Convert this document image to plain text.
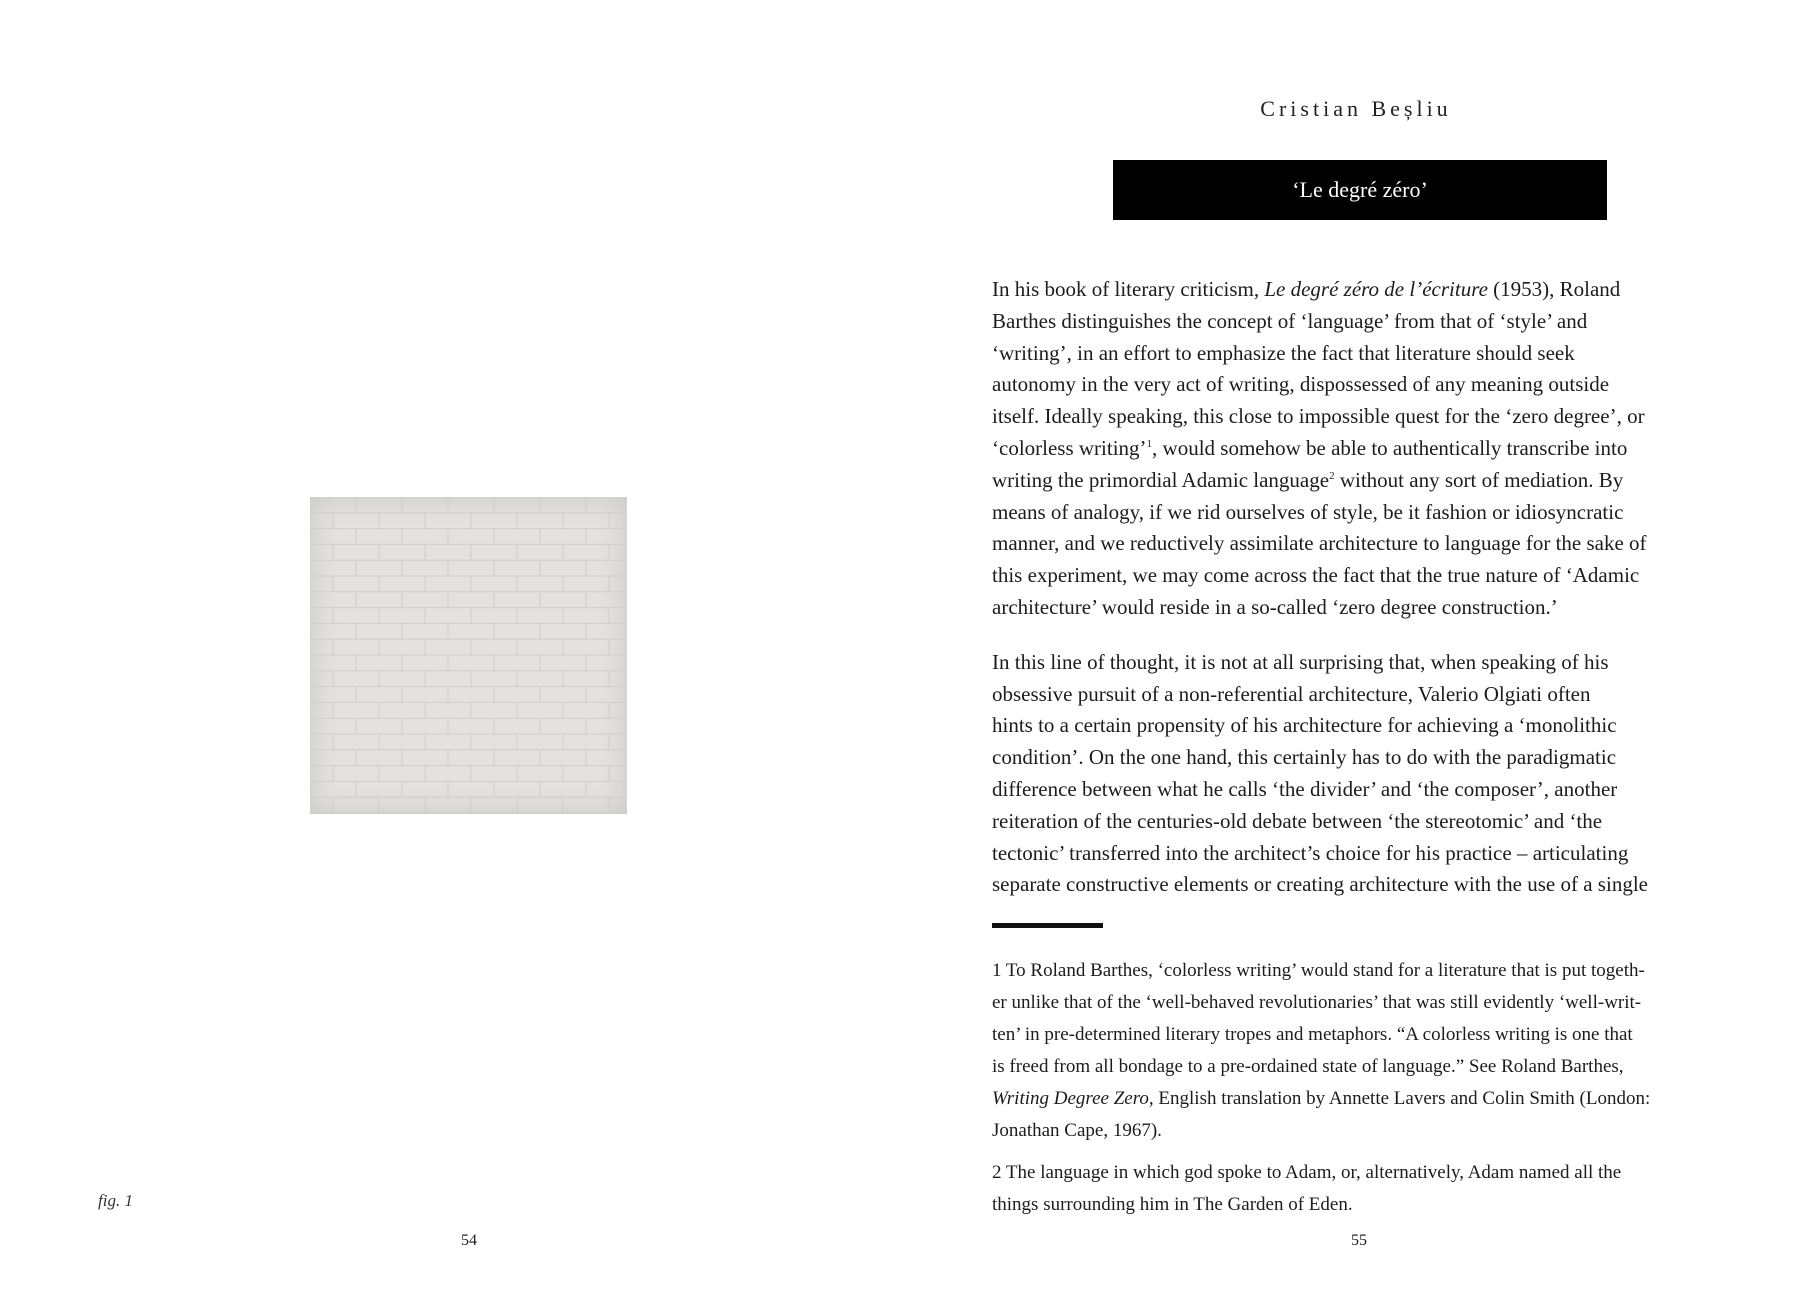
fig. 1
54
Cristian Beșliu
‘Le degré zéro’

In his book of literary criticism, Le degré zéro de l’écriture (1953), Roland
Barthes distinguishes the concept of ‘language’ from that of ‘style’ and
‘writing’, in an effort to emphasize the fact that literature should seek
autonomy in the very act of writing, dispossessed of any meaning outside
itself. Ideally speaking, this close to impossible quest for the ‘zero degree’, or
‘colorless writing’$^1$, would somehow be able to authentically transcribe into
writing the primordial Adamic language$^2$ without any sort of mediation. By
means of analogy, if we rid ourselves of style, be it fashion or idiosyncratic
manner, and we reductively assimilate architecture to language for the sake of
this experiment, we may come across the fact that the true nature of ‘Adamic
architecture’ would reside in a so-called ‘zero degree construction.’

In this line of thought, it is not at all surprising that, when speaking of his
obsessive pursuit of a non-referential architecture, Valerio Olgiati often
hints to a certain propensity of his architecture for achieving a ‘monolithic
condition’. On the one hand, this certainly has to do with the paradigmatic
difference between what he calls ‘the divider’ and ‘the composer’, another
reiteration of the centuries-old debate between ‘the stereotomic’ and ‘the
tectonic’ transferred into the architect’s choice for his practice – articulating
separate constructive elements or creating architecture with the use of a single

1 To Roland Barthes, ‘colorless writing’ would stand for a literature that is put togeth-
er unlike that of the ‘well-behaved revolutionaries’ that was still evidently ‘well-writ-
ten’ in pre-determined literary tropes and metaphors. “A colorless writing is one that
is freed from all bondage to a pre-ordained state of language.” See Roland Barthes,
Writing Degree Zero, English translation by Annette Lavers and Colin Smith (London:
Jonathan Cape, 1967).

2 The language in which god spoke to Adam, or, alternatively, Adam named all the
things surrounding him in The Garden of Eden.

55
